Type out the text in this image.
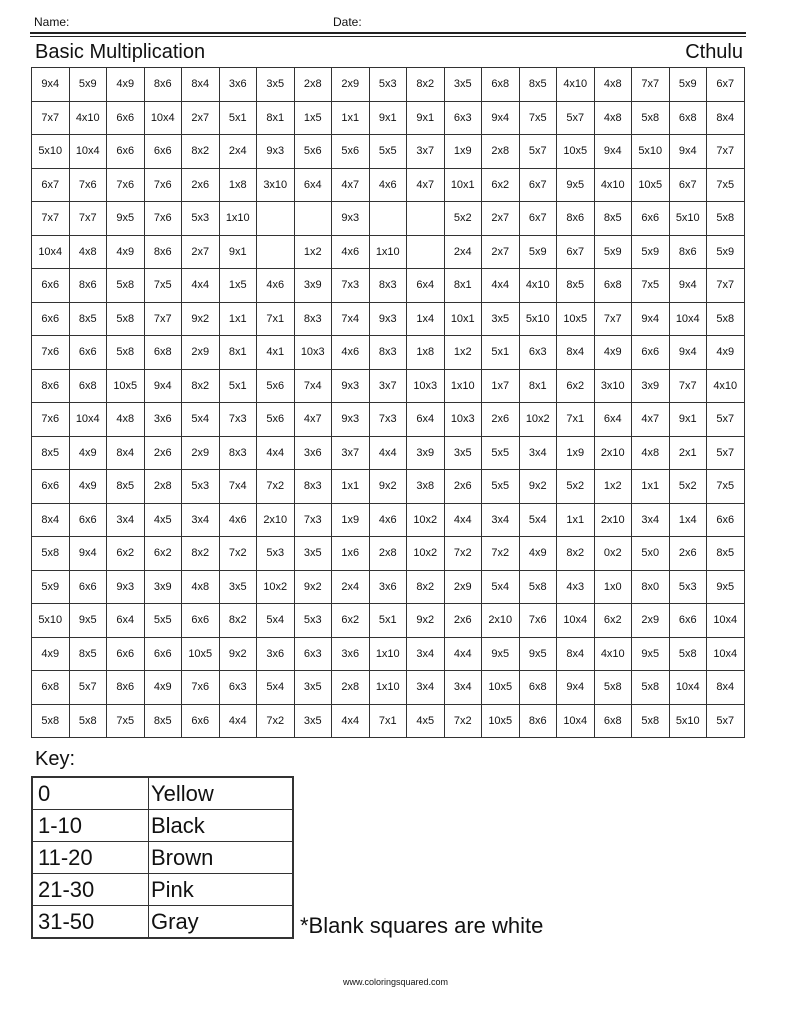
Name:	Date:
Basic Multiplication	Cthulu
9x4	5x9	4x9	8x6	8x4	3x6	3x5	2x8	2x9	5x3	8x2	3x5	6x8	8x5	4x10	4x8	7x7	5x9	6x7
7x7	4x10	6x6	10x4	2x7	5x1	8x1	1x5	1x1	9x1	9x1	6x3	9x4	7x5	5x7	4x8	5x8	6x8	8x4
5x10	10x4	6x6	6x6	8x2	2x4	9x3	5x6	5x6	5x5	3x7	1x9	2x8	5x7	10x5	9x4	5x10	9x4	7x7
6x7	7x6	7x6	7x6	2x6	1x8	3x10	6x4	4x7	4x6	4x7	10x1	6x2	6x7	9x5	4x10	10x5	6x7	7x5
7x7	7x7	9x5	7x6	5x3	1x10			9x3			5x2	2x7	6x7	8x6	8x5	6x6	5x10	5x8
10x4	4x8	4x9	8x6	2x7	9x1		1x2	4x6	1x10		2x4	2x7	5x9	6x7	5x9	5x9	8x6	5x9
6x6	8x6	5x8	7x5	4x4	1x5	4x6	3x9	7x3	8x3	6x4	8x1	4x4	4x10	8x5	6x8	7x5	9x4	7x7
6x6	8x5	5x8	7x7	9x2	1x1	7x1	8x3	7x4	9x3	1x4	10x1	3x5	5x10	10x5	7x7	9x4	10x4	5x8
7x6	6x6	5x8	6x8	2x9	8x1	4x1	10x3	4x6	8x3	1x8	1x2	5x1	6x3	8x4	4x9	6x6	9x4	4x9
8x6	6x8	10x5	9x4	8x2	5x1	5x6	7x4	9x3	3x7	10x3	1x10	1x7	8x1	6x2	3x10	3x9	7x7	4x10
7x6	10x4	4x8	3x6	5x4	7x3	5x6	4x7	9x3	7x3	6x4	10x3	2x6	10x2	7x1	6x4	4x7	9x1	5x7
8x5	4x9	8x4	2x6	2x9	8x3	4x4	3x6	3x7	4x4	3x9	3x5	5x5	3x4	1x9	2x10	4x8	2x1	5x7
6x6	4x9	8x5	2x8	5x3	7x4	7x2	8x3	1x1	9x2	3x8	2x6	5x5	9x2	5x2	1x2	1x1	5x2	7x5
8x4	6x6	3x4	4x5	3x4	4x6	2x10	7x3	1x9	4x6	10x2	4x4	3x4	5x4	1x1	2x10	3x4	1x4	6x6
5x8	9x4	6x2	6x2	8x2	7x2	5x3	3x5	1x6	2x8	10x2	7x2	7x2	4x9	8x2	0x2	5x0	2x6	8x5
5x9	6x6	9x3	3x9	4x8	3x5	10x2	9x2	2x4	3x6	8x2	2x9	5x4	5x8	4x3	1x0	8x0	5x3	9x5
5x10	9x5	6x4	5x5	6x6	8x2	5x4	5x3	6x2	5x1	9x2	2x6	2x10	7x6	10x4	6x2	2x9	6x6	10x4
4x9	8x5	6x6	6x6	10x5	9x2	3x6	6x3	3x6	1x10	3x4	4x4	9x5	9x5	8x4	4x10	9x5	5x8	10x4
6x8	5x7	8x6	4x9	7x6	6x3	5x4	3x5	2x8	1x10	3x4	3x4	10x5	6x8	9x4	5x8	5x8	10x4	8x4
5x8	5x8	7x5	8x5	6x6	4x4	7x2	3x5	4x4	7x1	4x5	7x2	10x5	8x6	10x4	6x8	5x8	5x10	5x7
Key:
0	Yellow
1-10	Black
11-20	Brown
21-30	Pink
31-50	Gray	*Blank squares are white
www.coloringsquared.com
